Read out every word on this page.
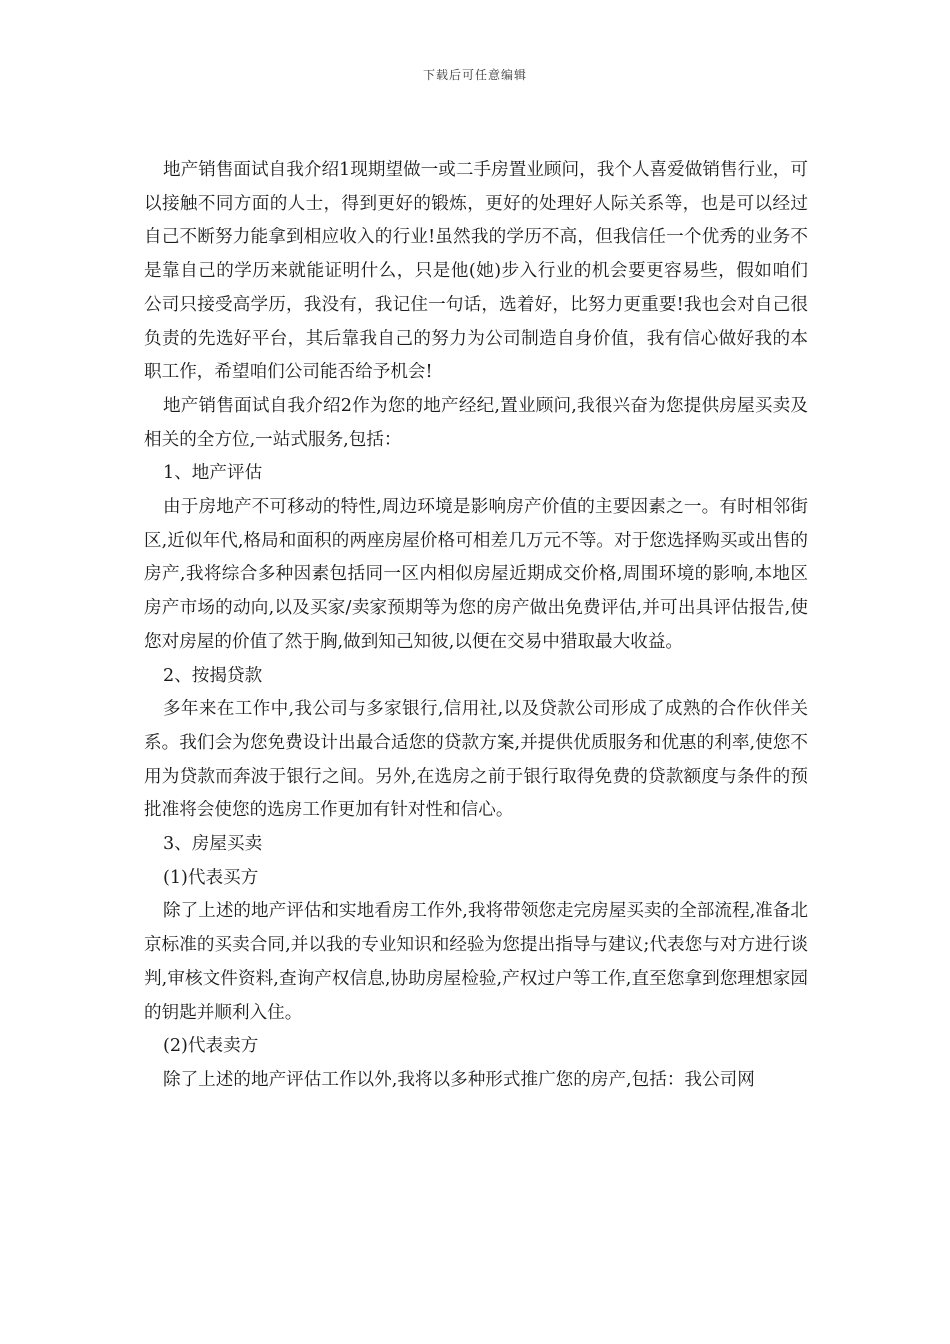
下载后可任意编辑

地产销售面试自我介绍1现期望做一或二手房置业顾问，我个人喜爱做销售行业，可以接触不同方面的人士，得到更好的锻炼，更好的处理好人际关系等，也是可以经过自己不断努力能拿到相应收入的行业!虽然我的学历不高，但我信任一个优秀的业务不是靠自己的学历来就能证明什么，只是他(她)步入行业的机会要更容易些，假如咱们公司只接受高学历，我没有，我记住一句话，选着好，比努力更重要!我也会对自己很负责的先选好平台，其后靠我自己的努力为公司制造自身价值，我有信心做好我的本职工作，希望咱们公司能否给予机会!

地产销售面试自我介绍2作为您的地产经纪,置业顾问,我很兴奋为您提供房屋买卖及相关的全方位,一站式服务,包括：

1、地产评估

由于房地产不可移动的特性,周边环境是影响房产价值的主要因素之一。有时相邻街区,近似年代,格局和面积的两座房屋价格可相差几万元不等。对于您选择购买或出售的房产,我将综合多种因素包括同一区内相似房屋近期成交价格,周围环境的影响,本地区房产市场的动向,以及买家/卖家预期等为您的房产做出免费评估,并可出具评估报告,使您对房屋的价值了然于胸,做到知己知彼,以便在交易中猎取最大收益。

2、按揭贷款

多年来在工作中,我公司与多家银行,信用社,以及贷款公司形成了成熟的合作伙伴关系。我们会为您免费设计出最合适您的贷款方案,并提供优质服务和优惠的利率,使您不用为贷款而奔波于银行之间。另外,在选房之前于银行取得免费的贷款额度与条件的预批准将会使您的选房工作更加有针对性和信心。

3、房屋买卖

(1)代表买方

除了上述的地产评估和实地看房工作外,我将带领您走完房屋买卖的全部流程,准备北京标准的买卖合同,并以我的专业知识和经验为您提出指导与建议;代表您与对方进行谈判,审核文件资料,查询产权信息,协助房屋检验,产权过户等工作,直至您拿到您理想家园的钥匙并顺利入住。

(2)代表卖方

除了上述的地产评估工作以外,我将以多种形式推广您的房产,包括：我公司网
